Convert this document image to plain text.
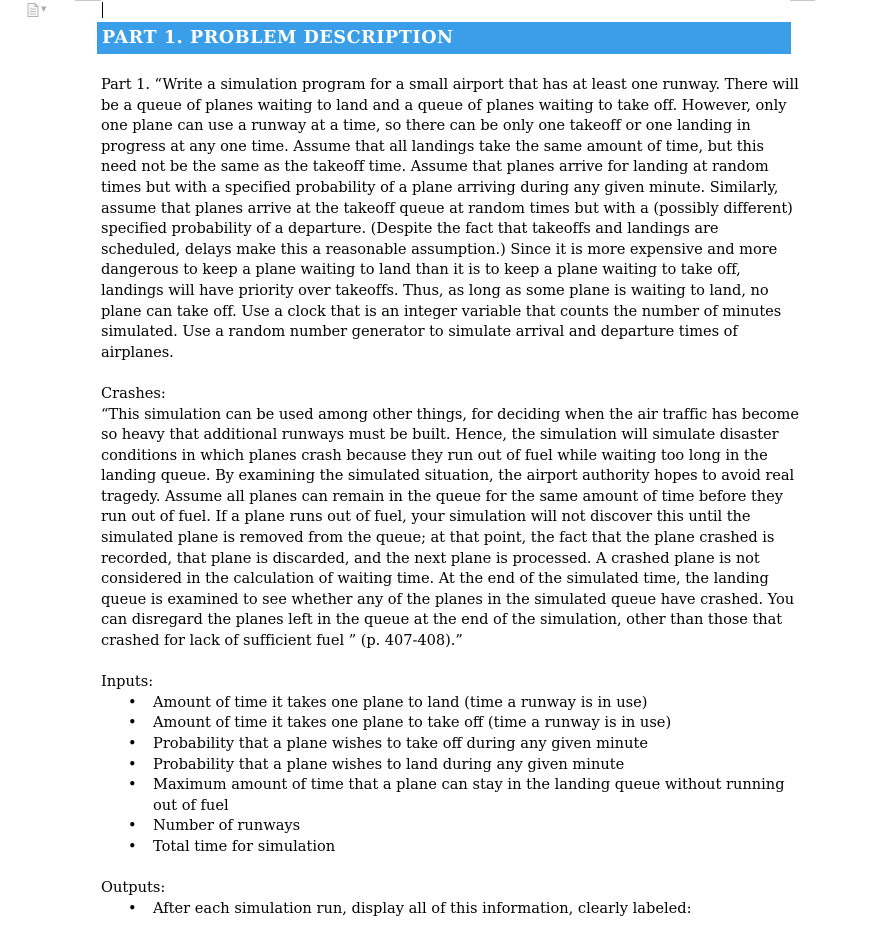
▼
PART 1. PROBLEM DESCRIPTION

Part 1. “Write a simulation program for a small airport that has at least one runway. There will be a queue of planes waiting to land and a queue of planes waiting to take off. However, only one plane can use a runway at a time, so there can be only one takeoff or one landing in progress at any one time. Assume that all landings take the same amount of time, but this need not be the same as the takeoff time. Assume that planes arrive for landing at random times but with a specified probability of a plane arriving during any given minute. Similarly, assume that planes arrive at the takeoff queue at random times but with a (possibly different) specified probability of a departure. (Despite the fact that takeoffs and landings are scheduled, delays make this a reasonable assumption.) Since it is more expensive and more dangerous to keep a plane waiting to land than it is to keep a plane waiting to take off, landings will have priority over takeoffs. Thus, as long as some plane is waiting to land, no plane can take off. Use a clock that is an integer variable that counts the number of minutes simulated. Use a random number generator to simulate arrival and departure times of airplanes.

Crashes:

“This simulation can be used among other things, for deciding when the air traffic has become so heavy that additional runways must be built. Hence, the simulation will simulate disaster conditions in which planes crash because they run out of fuel while waiting too long in the landing queue. By examining the simulated situation, the airport authority hopes to avoid real tragedy. Assume all planes can remain in the queue for the same amount of time before they run out of fuel. If a plane runs out of fuel, your simulation will not discover this until the simulated plane is removed from the queue; at that point, the fact that the plane crashed is recorded, that plane is discarded, and the next plane is processed. A crashed plane is not considered in the calculation of waiting time. At the end of the simulated time, the landing queue is examined to see whether any of the planes in the simulated queue have crashed. You can disregard the planes left in the queue at the end of the simulation, other than those that crashed for lack of sufficient fuel ” (p. 407-408).”

Inputs:

• Amount of time it takes one plane to land (time a runway is in use)
• Amount of time it takes one plane to take off (time a runway is in use)
• Probability that a plane wishes to take off during any given minute
• Probability that a plane wishes to land during any given minute
• Maximum amount of time that a plane can stay in the landing queue without running out of fuel
• Number of runways
• Total time for simulation

Outputs:

• After each simulation run, display all of this information, clearly labeled:
